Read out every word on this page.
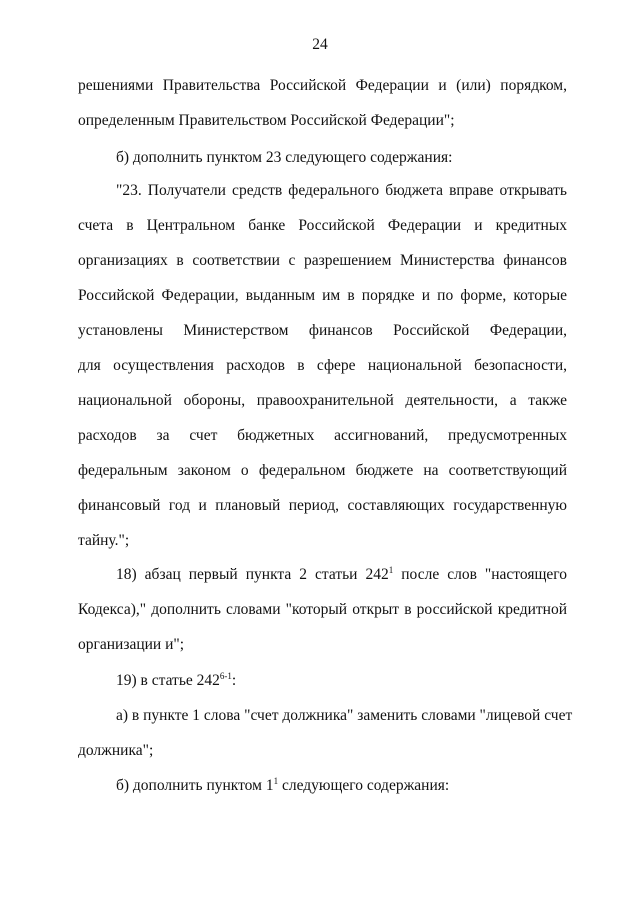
24
решениями Правительства Российской Федерации и (или) порядком,
определенным Правительством Российской Федерации";
б) дополнить пунктом 23 следующего содержания:
"23. Получатели средств федерального бюджета вправе открывать
счета в Центральном банке Российской Федерации и кредитных
организациях в соответствии с разрешением Министерства финансов
Российской Федерации, выданным им в порядке и по форме, которые
установлены Министерством финансов Российской Федерации,
для осуществления расходов в сфере национальной безопасности,
национальной обороны, правоохранительной деятельности, а также
расходов за счет бюджетных ассигнований, предусмотренных
федеральным законом о федеральном бюджете на соответствующий
финансовый год и плановый период, составляющих государственную
тайну.";
18) абзац первый пункта 2 статьи $242^1$ после слов "настоящего
Кодекса)," дополнить словами "который открыт в российской кредитной
организации и";
19) в статье 242$^{6-1}$:
а) в пункте 1 слова "счет должника" заменить словами "лицевой счет
должника";
б) дополнить пунктом $1^1$ следующего содержания:
